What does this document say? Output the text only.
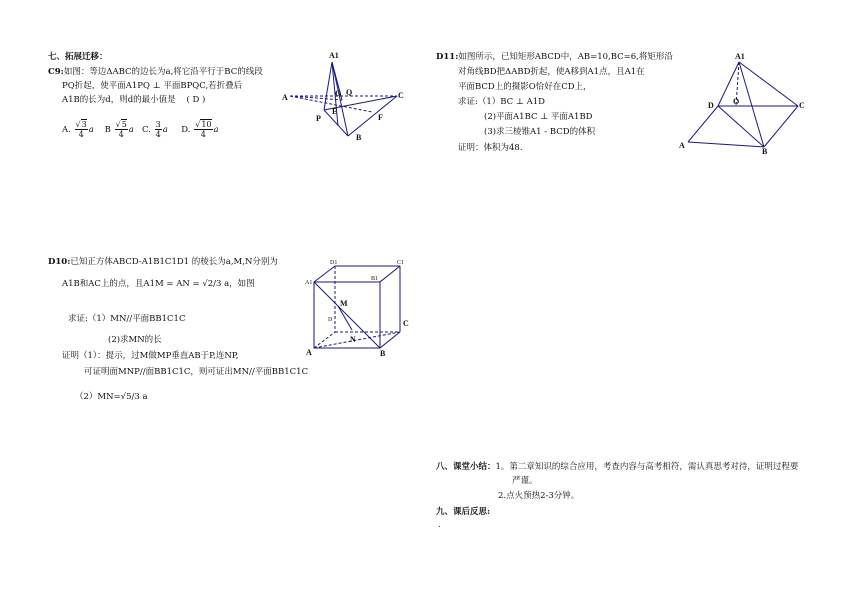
七、拓展迁移：
C9:如图：等边ΔABC的边长为a,将它沿平行于BC的线段
PQ折起，使平面A1PQ ⊥ 平面BPQC,若折叠后
A1B的长为d，则d的最小值是 ( D )
A. $\frac{√3}{4}$ a B $\frac{√5}{4}$ a C. $\frac{3}{4}$ a D. $\frac{√10}{4}$ a
A1
A	C
Q
O
E
F
P
B
D10:已知正方体ABCD-A1B1C1D1 的棱长为a,M,N分别为
A1B和AC上的点，且A1M = AN = √2/3 a，如图
求证:（1）MN//平面BB1C1C
(2)求MN的长
证明（1）：提示，过M做MP垂直AB于P,连NP,
可证明面MNP//面BB1C1C，则可证出MN//平面BB1C1C
（2）MN=√5/3 a
D1	C1
A1
B1
M
D	C
A
N
B
D11:如图所示，已知矩形ABCD中，AB=10,BC=6,将矩形沿
对角线BD把ΔABD折起，使A移到A1点，且A1在
平面BCD上的摄影O恰好在CD上，
求证:（1）BC ⊥ A1D
(2)平面A1BC ⊥ 平面A1BD
(3)求三棱锥A1 - BCD的体积
证明：体积为48.
A1
D O	C
A
B
八、课堂小结：1。第二章知识的综合应用，考查内容与高考相符，需认真思考对待，证明过程要
严谨。
2.点火预热2-3分钟。
九、课后反思:
.
